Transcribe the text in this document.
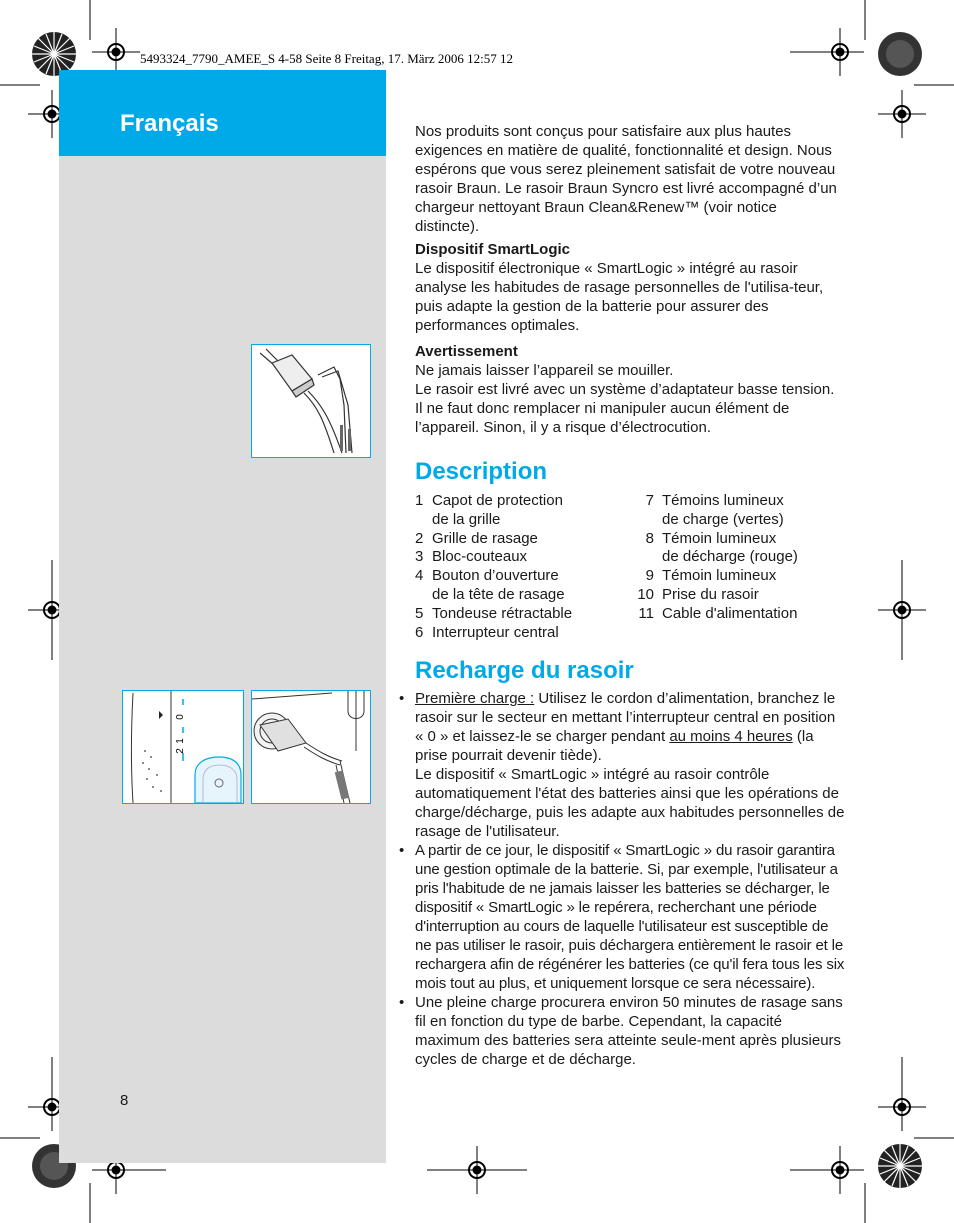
5493324_7790_AMEE_S 4-58 Seite 8 Freitag, 17. März 2006 12:57 12
Français
0
1
2

Nos produits sont conçus pour satisfaire aux plus hautes exigences en matière de qualité, fonctionnalité et design. Nous espérons que vous serez pleinement satisfait de votre nouveau rasoir Braun. Le rasoir Braun Syncro est livré accompagné d’un chargeur nettoyant Braun Clean&Renew™ (voir notice distincte).

Dispositif SmartLogic

Le dispositif électronique « SmartLogic » intégré au rasoir analyse les habitudes de rasage personnelles de l'utilisa-teur, puis adapte la gestion de la batterie pour assurer des performances optimales.

Avertissement

Ne jamais laisser l’appareil se mouiller.

Le rasoir est livré avec un système d’adaptateur basse tension. Il ne faut donc remplacer ni manipuler aucun élément de l’appareil. Sinon, il y a risque d’électrocution.

Description
1 Capot de protection
de la grille
2 Grille de rasage
3 Bloc-couteaux
4 Bouton d’ouverture
de la tête de rasage
5 Tondeuse rétractable
6 Interrupteur central
7 Témoins lumineux
de charge (vertes)
8 Témoin lumineux
de décharge (rouge)
9 Témoin lumineux
10 Prise du rasoir
11 Cable d'alimentation
Recharge du rasoir
• Première charge : Utilisez le cordon d’alimentation, branchez le rasoir sur le secteur en mettant l’interrupteur central en position « 0 » et laissez-le se charger pendant au moins 4 heures (la prise pourrait devenir tiède).
Le dispositif « SmartLogic » intégré au rasoir contrôle automatiquement l'état des batteries ainsi que les opérations de charge/décharge, puis les adapte aux habitudes personnelles de rasage de l'utilisateur.
• A partir de ce jour, le dispositif « SmartLogic » du rasoir garantira une gestion optimale de la batterie. Si, par exemple, l'utilisateur a pris l'habitude de ne jamais laisser les batteries se décharger, le dispositif « SmartLogic » le repérera, recherchant une période d'interruption au cours de laquelle l'utilisateur est susceptible de ne pas utiliser le rasoir, puis déchargera entièrement le rasoir et le rechargera afin de régénérer les batteries (ce qu'il fera tous les six mois tout au plus, et uniquement lorsque ce sera nécessaire).
• Une pleine charge procurera environ 50 minutes de rasage sans fil en fonction du type de barbe. Cependant, la capacité maximum des batteries sera atteinte seule-ment après plusieurs cycles de charge et de décharge.
8
